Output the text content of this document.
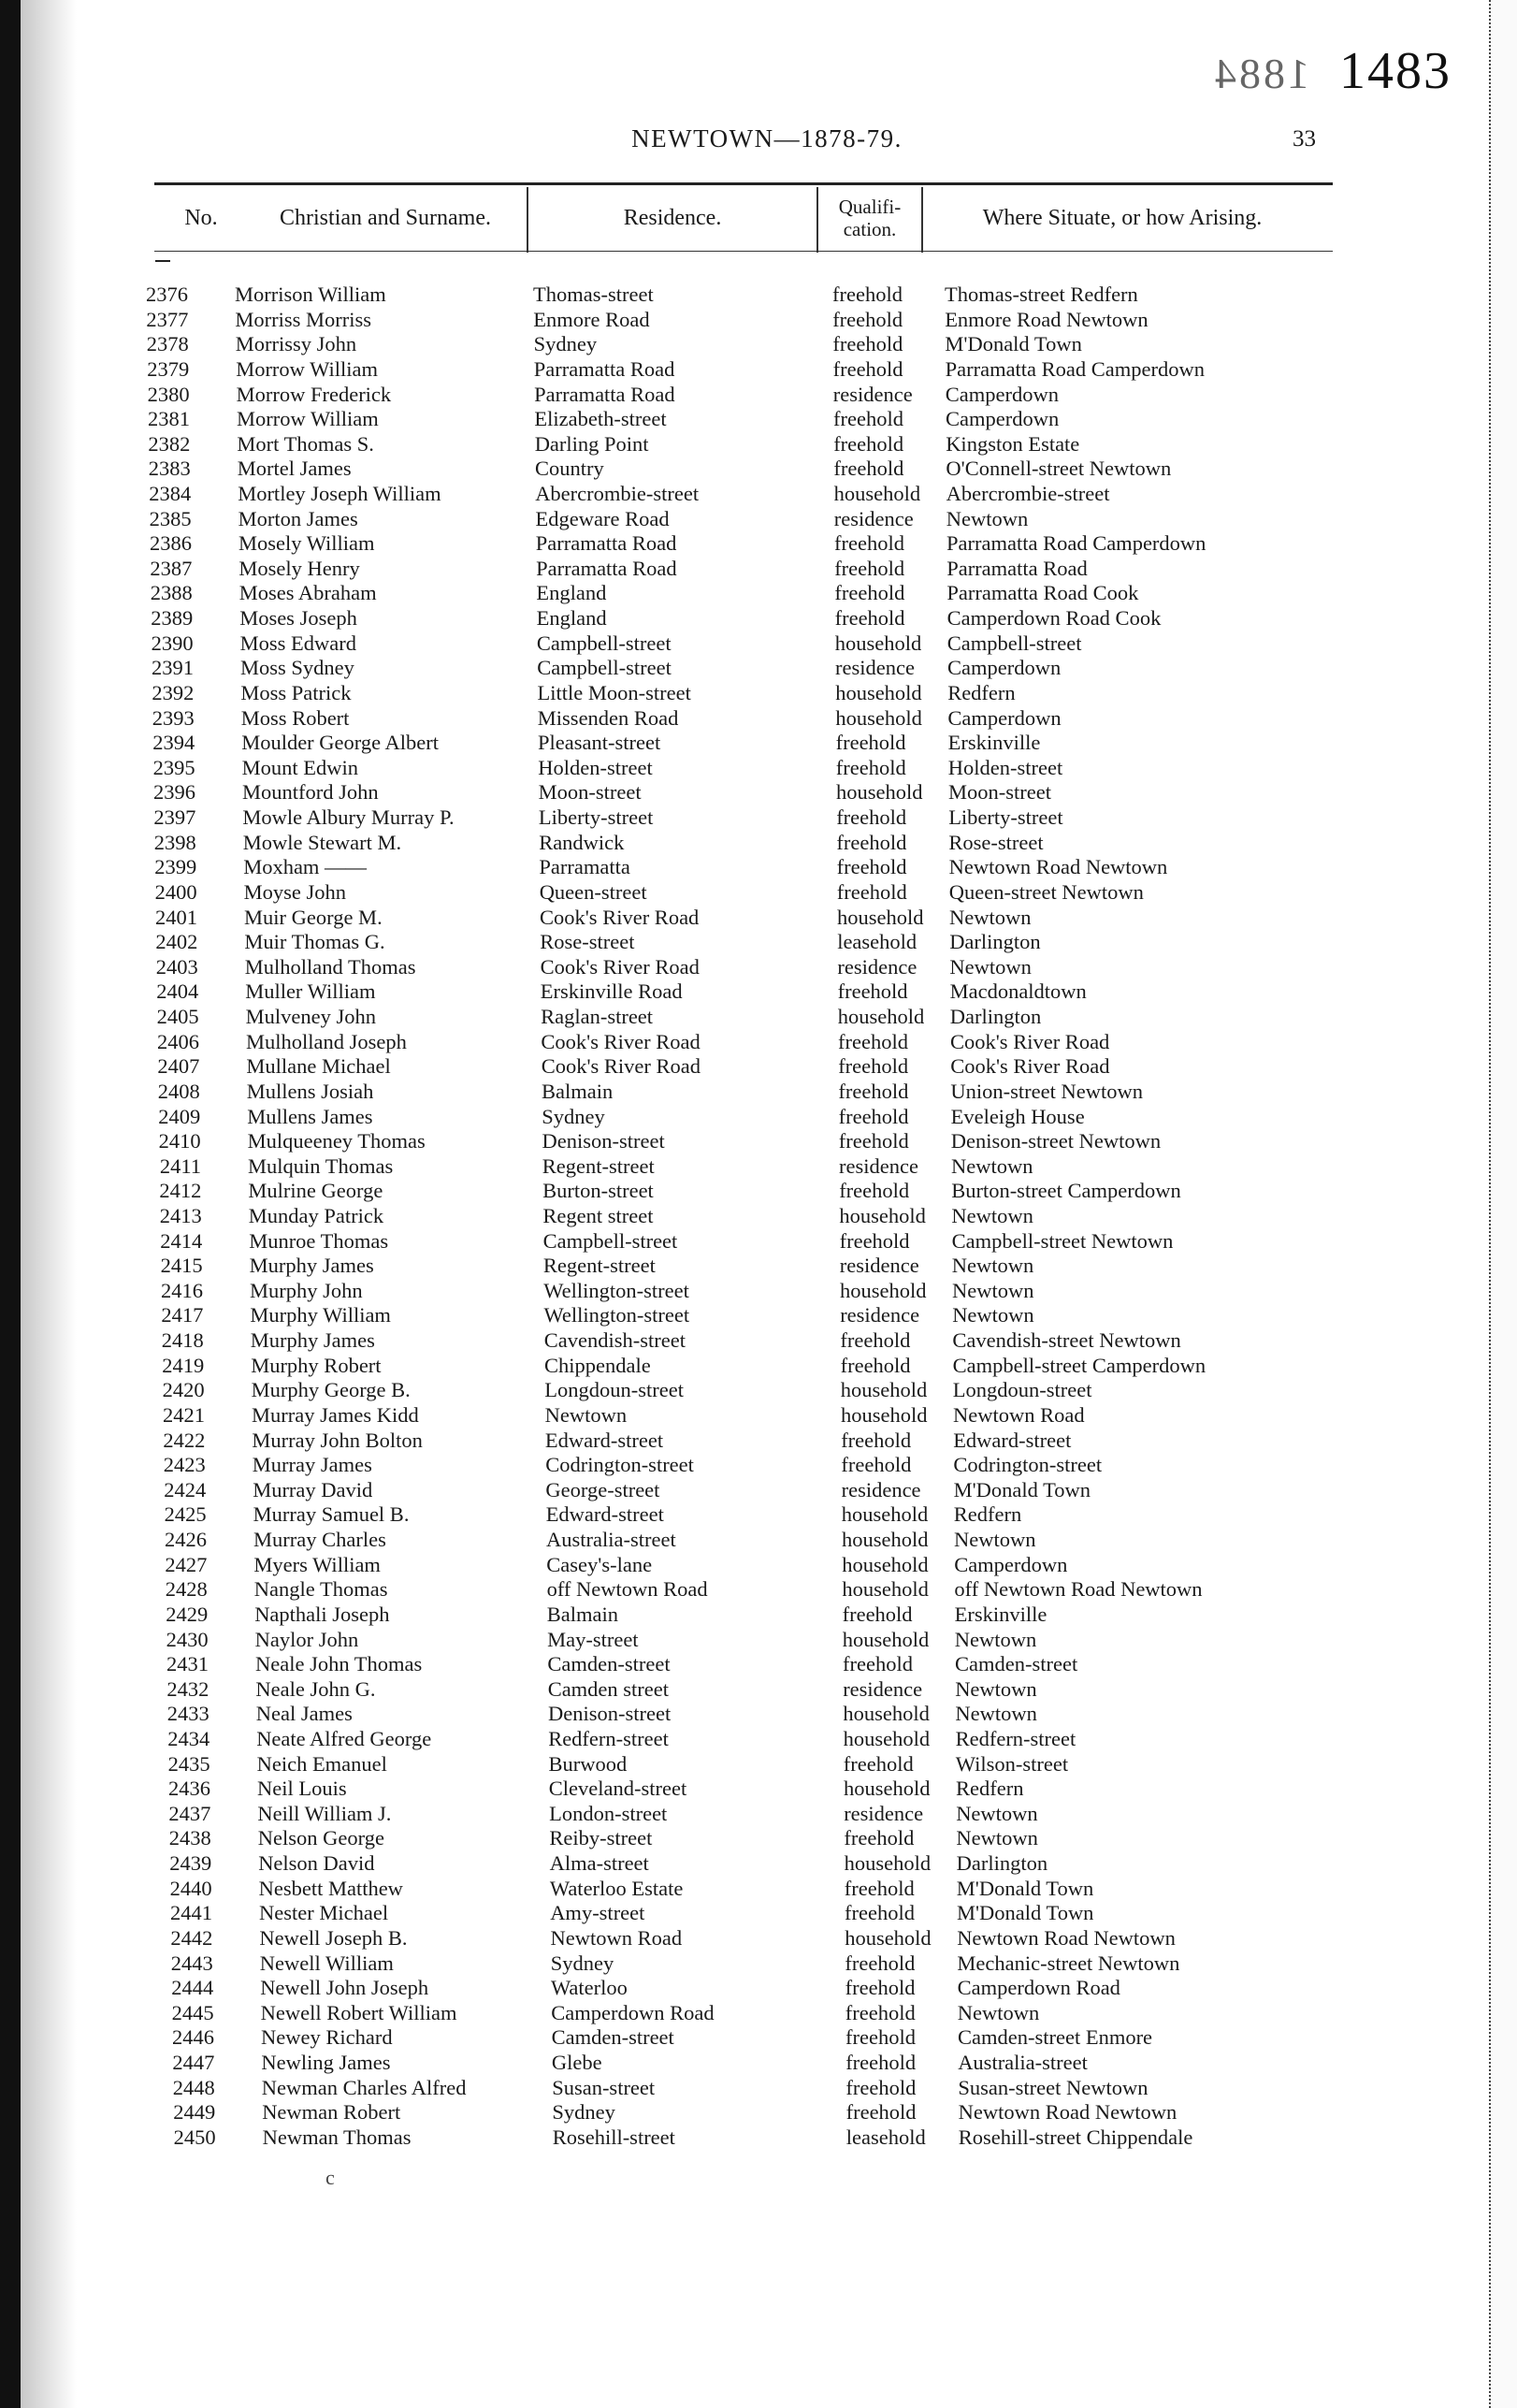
1884 1483
NEWTOWN—1878-79.	33
No.	Christian and Surname.	Residence.	Qualifi-cation.	Where Situate, or how Arising.
2376 Morrison William	Thomas-street	freehold Thomas-street Redfern
2377 Morriss Morriss	Enmore Road	freehold Enmore Road Newtown
2378 Morrissy John	Sydney	freehold M'Donald Town
2379 Morrow William	Parramatta Road	freehold Parramatta Road Camperdown
2380 Morrow Frederick	Parramatta Road	residence Camperdown
2381 Morrow William	Elizabeth-street	freehold Camperdown
2382 Mort Thomas S.	Darling Point	freehold Kingston Estate
2383 Mortel James	Country	freehold O'Connell-street Newtown
2384 Mortley Joseph William	Abercrombie-street	household Abercrombie-street
2385 Morton James	Edgeware Road	residence Newtown
2386 Mosely William	Parramatta Road	freehold Parramatta Road Camperdown
2387 Mosely Henry	Parramatta Road	freehold Parramatta Road
2388 Moses Abraham	England	freehold Parramatta Road Cook
2389 Moses Joseph	England	freehold Camperdown Road Cook
2390 Moss Edward	Campbell-street	household Campbell-street
2391 Moss Sydney	Campbell-street	residence Camperdown
2392 Moss Patrick	Little Moon-street	household Redfern
2393 Moss Robert	Missenden Road	household Camperdown
2394 Moulder George Albert	Pleasant-street	freehold Erskinville
2395 Mount Edwin	Holden-street	freehold Holden-street
2396 Mountford John	Moon-street	household Moon-street
2397 Mowle Albury Murray P.	Liberty-street	freehold Liberty-street
2398 Mowle Stewart M.	Randwick	freehold Rose-street
2399 Moxham ——	Parramatta	freehold Newtown Road Newtown
2400 Moyse John	Queen-street	freehold Queen-street Newtown
2401 Muir George M.	Cook's River Road	household Newtown
2402 Muir Thomas G.	Rose-street	leasehold Darlington
2403 Mulholland Thomas	Cook's River Road	residence Newtown
2404 Muller William	Erskinville Road	freehold Macdonaldtown
2405 Mulveney John	Raglan-street	household Darlington
2406 Mulholland Joseph	Cook's River Road	freehold Cook's River Road
2407 Mullane Michael	Cook's River Road	freehold Cook's River Road
2408 Mullens Josiah	Balmain	freehold Union-street Newtown
2409 Mullens James	Sydney	freehold Eveleigh House
2410 Mulqueeney Thomas	Denison-street	freehold Denison-street Newtown
2411 Mulquin Thomas	Regent-street	residence Newtown
2412 Mulrine George	Burton-street	freehold Burton-street Camperdown
2413 Munday Patrick	Regent street	household Newtown
2414 Munroe Thomas	Campbell-street	freehold Campbell-street Newtown
2415 Murphy James	Regent-street	residence Newtown
2416 Murphy John	Wellington-street	household Newtown
2417 Murphy William	Wellington-street	residence Newtown
2418 Murphy James	Cavendish-street	freehold Cavendish-street Newtown
2419 Murphy Robert	Chippendale	freehold Campbell-street Camperdown
2420 Murphy George B.	Longdoun-street	household Longdoun-street
2421 Murray James Kidd	Newtown	household Newtown Road
2422 Murray John Bolton	Edward-street	freehold Edward-street
2423 Murray James	Codrington-street	freehold Codrington-street
2424 Murray David	George-street	residence M'Donald Town
2425 Murray Samuel B.	Edward-street	household Redfern
2426 Murray Charles	Australia-street	household Newtown
2427 Myers William	Casey's-lane	household Camperdown
2428 Nangle Thomas	off Newtown Road	household off Newtown Road Newtown
2429 Napthali Joseph	Balmain	freehold Erskinville
2430 Naylor John	May-street	household Newtown
2431 Neale John Thomas	Camden-street	freehold Camden-street
2432 Neale John G.	Camden street	residence Newtown
2433 Neal James	Denison-street	household Newtown
2434 Neate Alfred George	Redfern-street	household Redfern-street
2435 Neich Emanuel	Burwood	freehold Wilson-street
2436 Neil Louis	Cleveland-street	household Redfern
2437 Neill William J.	London-street	residence Newtown
2438 Nelson George	Reiby-street	freehold Newtown
2439 Nelson David	Alma-street	household Darlington
2440 Nesbett Matthew	Waterloo Estate	freehold M'Donald Town
2441 Nester Michael	Amy-street	freehold M'Donald Town
2442 Newell Joseph B.	Newtown Road	household Newtown Road Newtown
2443 Newell William	Sydney	freehold Mechanic-street Newtown
2444 Newell John Joseph	Waterloo	freehold Camperdown Road
2445 Newell Robert William	Camperdown Road	freehold Newtown
2446 Newey Richard	Camden-street	freehold Camden-street Enmore
2447 Newling James	Glebe	freehold Australia-street
2448 Newman Charles Alfred	Susan-street	freehold Susan-street Newtown
2449 Newman Robert	Sydney	freehold Newtown Road Newtown
2450 Newman Thomas	Rosehill-street	leasehold Rosehill-street Chippendale
c
